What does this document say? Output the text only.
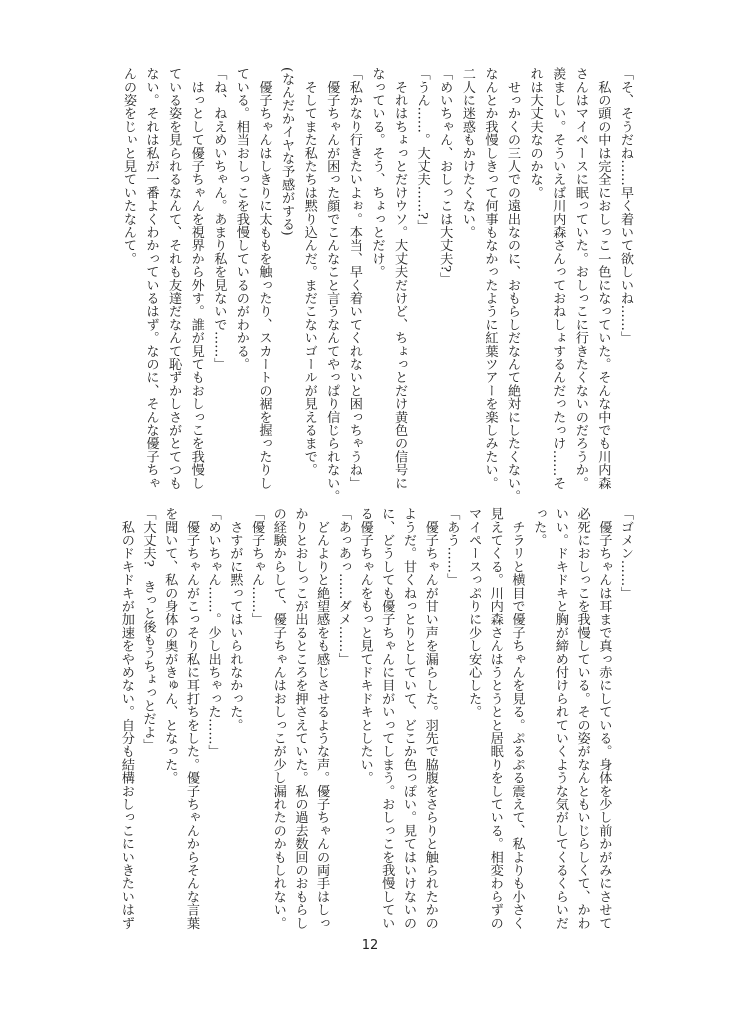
「そ、そうだね……早く着いて欲しいね……」
　私の頭の中は完全におしっこ一色になっていた。そんな中でも川内森
さんはマイペースに眠っていた。おしっこに行きたくないのだろうか。
羨ましい。そういえば川内森さんっておねしょするんだったっけ……そ
れは大丈夫なのかな。
　せっかくの三人での遠出なのに、おもらしだなんて絶対にしたくない。
なんとか我慢しきって何事もなかったように紅葉ツアーを楽しみたい。
二人に迷惑もかけたくない。
「めいちゃん、おしっこは大丈夫?」
「うん……。大丈夫……?」
　それはちょっとだけウソ。大丈夫だけど、ちょっとだけ黄色の信号に
なっている。そう、ちょっとだけ。
「私かなり行きたいよぉ。本当、早く着いてくれないと困っちゃうね」
　優子ちゃんが困った顔でこんなこと言うなんてやっぱり信じられない。
　そしてまた私たちは黙り込んだ。まだこないゴールが見えるまで。
(なんだかイヤな予感がする)
　優子ちゃんはしきりに太ももを触ったり、スカートの裾を握ったりし
ている。相当おしっこを我慢しているのがわかる。
「ね、ねえめいちゃん。あまり私を見ないで……」
　はっとして優子ちゃんを視界から外す。誰が見てもおしっこを我慢し
ている姿を見られるなんて、それも友達だなんて恥ずかしさがとてつも
ない。それは私が一番よくわかっているはず。なのに、そんな優子ちゃ
んの姿をじぃと見ていたなんて。
「ゴメン……」
　優子ちゃんは耳まで真っ赤にしている。身体を少し前かがみにさせて
必死におしっこを我慢している。その姿がなんともいじらしくて、かわ
いい。ドキドキと胸が締め付けられていくような気がしてくるくらいだ
った。
　チラリと横目で優子ちゃんを見る。ぷるぷる震えて、私よりも小さく
見えてくる。川内森さんはうとうとと居眠りをしている。相変わらずの
マイペースっぷりに少し安心した。
「あう……」
　優子ちゃんが甘い声を漏らした。羽先で脇腹をさらりと触られたかの
ようだ。甘くねっとりとしていて、どこか色っぽい。見てはいけないの
に、どうしても優子ちゃんに目がいってしまう。おしっこを我慢してい
る優子ちゃんをもっと見てドキドキとしたい。
「あっあっ……ダメ……」
　どんよりと絶望感をも感じさせるような声。優子ちゃんの両手はしっ
かりとおしっこが出るところを押さえていた。私の過去数回のおもらし
の経験からして、優子ちゃんはおしっこが少し漏れたのかもしれない。
「優子ちゃん……」
　さすがに黙ってはいられなかった。
「めいちゃん……。少し出ちゃった……」
　優子ちゃんがこっそり私に耳打ちをした。優子ちゃんからそんな言葉
を聞いて、私の身体の奥がきゅん、となった。
「大丈夫?　きっと後もうちょっとだよ」
　私のドキドキが加速をやめない。自分も結構おしっこにいきたいはず
12
